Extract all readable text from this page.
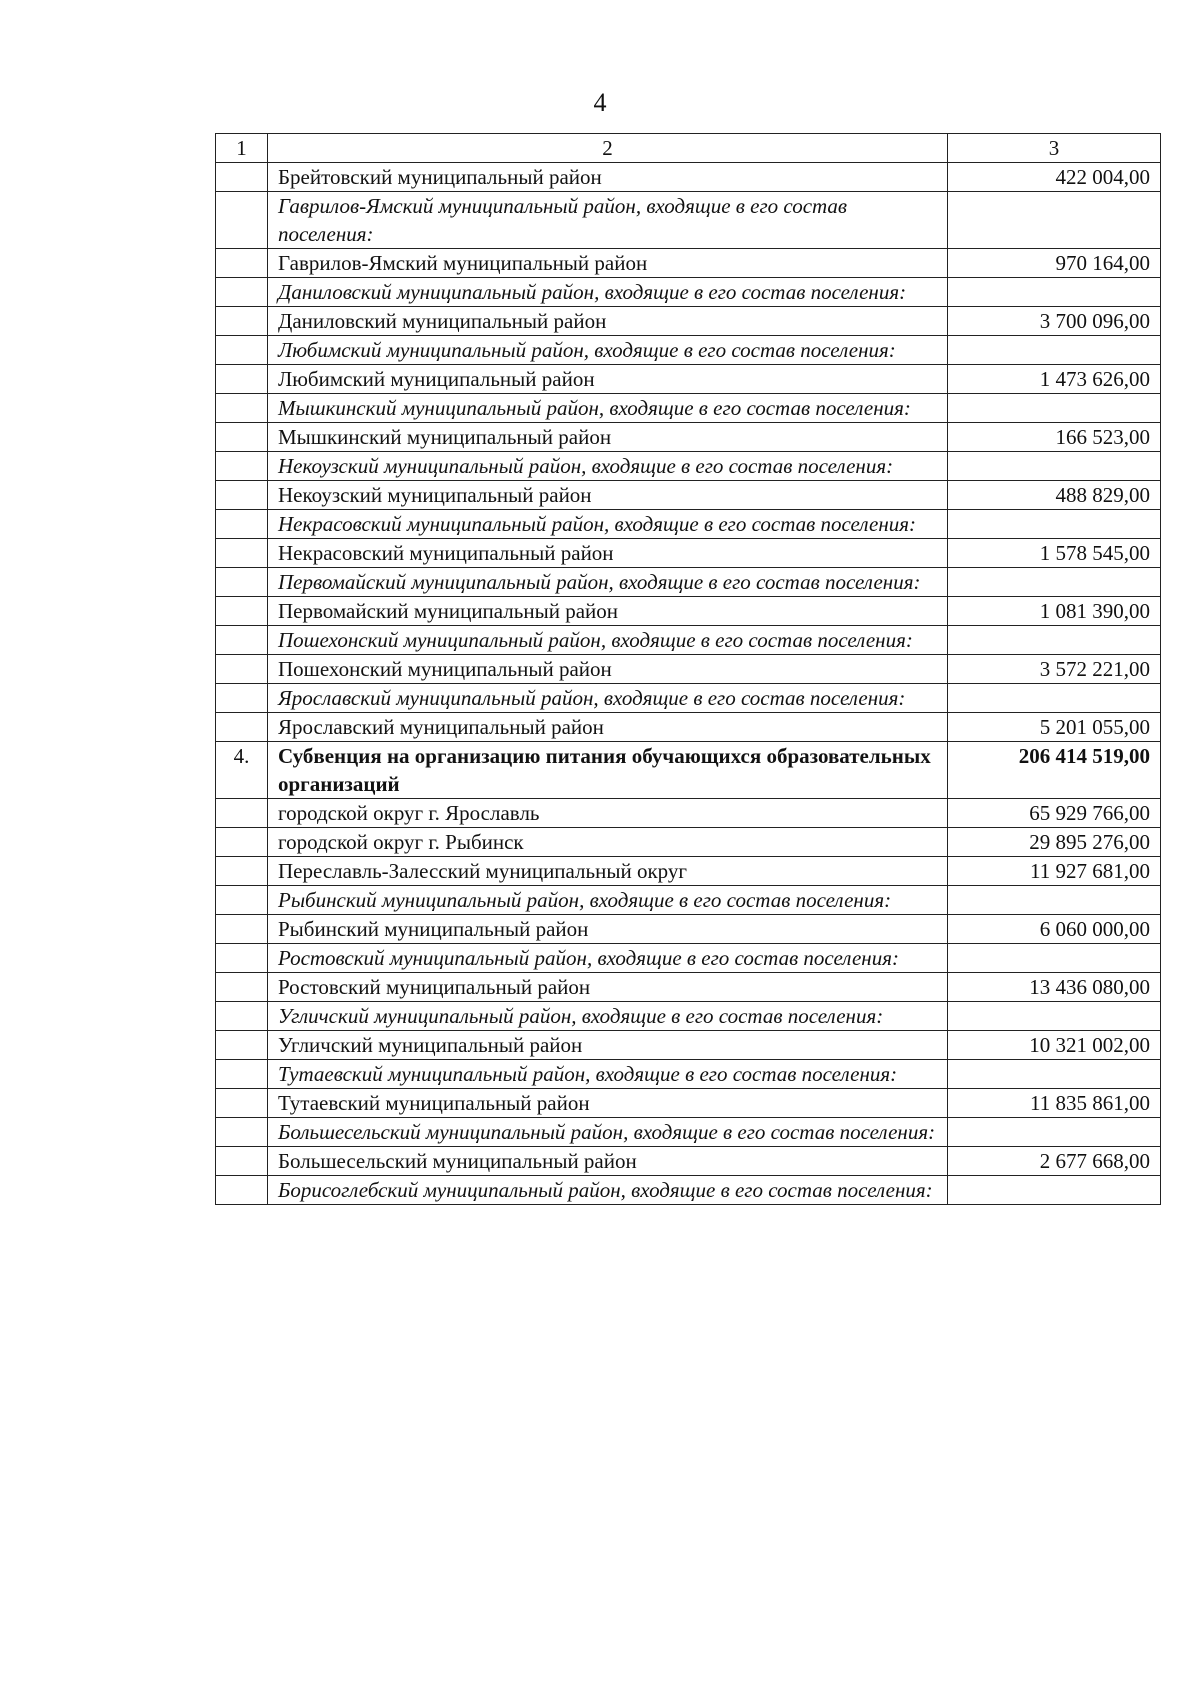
4
1	2	3
	Брейтовский муниципальный район	422 004,00
	Гаврилов-Ямский муниципальный район, входящие в его состав поселения:	
	Гаврилов-Ямский муниципальный район	970 164,00
	Даниловский муниципальный район, входящие в его состав поселения:	
	Даниловский муниципальный район	3 700 096,00
	Любимский муниципальный район, входящие в его состав поселения:	
	Любимский муниципальный район	1 473 626,00
	Мышкинский муниципальный район, входящие в его состав поселения:	
	Мышкинский муниципальный район	166 523,00
	Некоузский муниципальный район, входящие в его состав поселения:	
	Некоузский муниципальный район	488 829,00
	Некрасовский муниципальный район, входящие в его состав поселения:	
	Некрасовский муниципальный район	1 578 545,00
	Первомайский муниципальный район, входящие в его состав поселения:	
	Первомайский муниципальный район	1 081 390,00
	Пошехонский муниципальный район, входящие в его состав поселения:	
	Пошехонский муниципальный район	3 572 221,00
	Ярославский муниципальный район, входящие в его состав поселения:	
	Ярославский муниципальный район	5 201 055,00
4.	Субвенция на организацию питания обучающихся образовательных организаций	206 414 519,00
	городской округ г. Ярославль	65 929 766,00
	городской округ г. Рыбинск	29 895 276,00
	Переславль-Залесский муниципальный округ	11 927 681,00
	Рыбинский муниципальный район, входящие в его состав поселения:	
	Рыбинский муниципальный район	6 060 000,00
	Ростовский муниципальный район, входящие в его состав поселения:	
	Ростовский муниципальный район	13 436 080,00
	Угличский муниципальный район, входящие в его состав поселения:	
	Угличский муниципальный район	10 321 002,00
	Тутаевский муниципальный район, входящие в его состав поселения:	
	Тутаевский муниципальный район	11 835 861,00
	Большесельский муниципальный район, входящие в его состав поселения:	
	Большесельский муниципальный район	2 677 668,00
	Борисоглебский муниципальный район, входящие в его состав поселения:	
